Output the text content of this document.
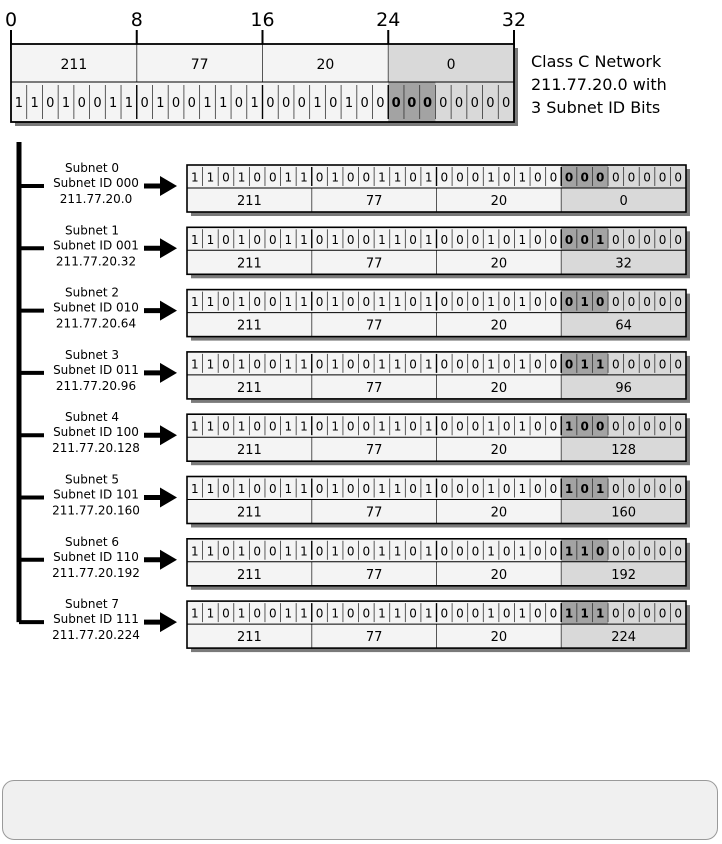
0	8	16	24	32
211	77	20	0
1 1 0 1 0 0 1 1 0 1 0 0 1 1 0 1 0 0 0 1 0 1 0 0 0 0 0 0 0 0 0 0
Class C Network
211.77.20.0 with
3 Subnet ID Bits
Subnet 0
Subnet ID 000
211.77.20.0
1 1 0 1 0 0 1 1 0 1 0 0 1 1 0 1 0 0 0 1 0 1 0 0 0 0 0 0 0 0 0 0
211	77	20	0
Subnet 1
Subnet ID 001
211.77.20.32
1 1 0 1 0 0 1 1 0 1 0 0 1 1 0 1 0 0 0 1 0 1 0 0 0 0 1 0 0 0 0 0
211	77	20	32
Subnet 2
Subnet ID 010
211.77.20.64
1 1 0 1 0 0 1 1 0 1 0 0 1 1 0 1 0 0 0 1 0 1 0 0 0 1 0 0 0 0 0 0
211	77	20	64
Subnet 3
Subnet ID 011
211.77.20.96
1 1 0 1 0 0 1 1 0 1 0 0 1 1 0 1 0 0 0 1 0 1 0 0 0 1 1 0 0 0 0 0
211	77	20	96
Subnet 4
Subnet ID 100
211.77.20.128
1 1 0 1 0 0 1 1 0 1 0 0 1 1 0 1 0 0 0 1 0 1 0 0 1 0 0 0 0 0 0 0
211	77	20	128
Subnet 5
Subnet ID 101
211.77.20.160
1 1 0 1 0 0 1 1 0 1 0 0 1 1 0 1 0 0 0 1 0 1 0 0 1 0 1 0 0 0 0 0
211	77	20	160
Subnet 6
Subnet ID 110
211.77.20.192
1 1 0 1 0 0 1 1 0 1 0 0 1 1 0 1 0 0 0 1 0 1 0 0 1 1 0 0 0 0 0 0
211	77	20	192
Subnet 7
Subnet ID 111
211.77.20.224
1 1 0 1 0 0 1 1 0 1 0 0 1 1 0 1 0 0 0 1 0 1 0 0 1 1 1 0 0 0 0 0
211	77	20	224
